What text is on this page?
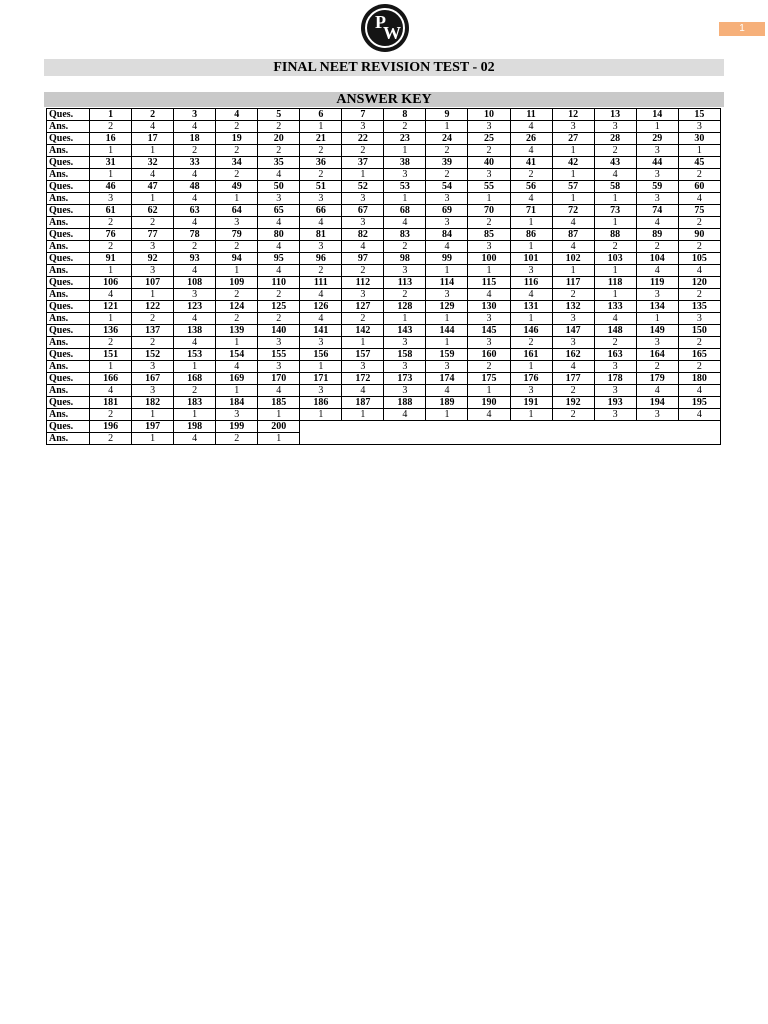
P
W	1
FINAL NEET REVISION TEST - 02
ANSWER KEY
Ques.	1	2	3	4	5	6	7	8	9	10	11	12	13	14	15
Ans.	2	4	4	2	2	1	3	2	1	3	4	3	3	1	3
Ques.	16	17	18	19	20	21	22	23	24	25	26	27	28	29	30
Ans.	1	1	2	2	2	2	2	1	2	2	4	1	2	3	1
Ques.	31	32	33	34	35	36	37	38	39	40	41	42	43	44	45
Ans.	1	4	4	2	4	2	1	3	2	3	2	1	4	3	2
Ques.	46	47	48	49	50	51	52	53	54	55	56	57	58	59	60
Ans.	3	1	4	1	3	3	3	1	3	1	4	1	1	3	4
Ques.	61	62	63	64	65	66	67	68	69	70	71	72	73	74	75
Ans.	2	2	4	3	4	4	3	4	3	2	1	4	1	4	2
Ques.	76	77	78	79	80	81	82	83	84	85	86	87	88	89	90
Ans.	2	3	2	2	4	3	4	2	4	3	1	4	2	2	2
Ques.	91	92	93	94	95	96	97	98	99	100	101	102	103	104	105
Ans.	1	3	4	1	4	2	2	3	1	1	3	1	1	4	4
Ques.	106	107	108	109	110	111	112	113	114	115	116	117	118	119	120
Ans.	4	1	3	2	2	4	3	2	3	4	4	2	1	3	2
Ques.	121	122	123	124	125	126	127	128	129	130	131	132	133	134	135
Ans.	1	2	4	2	2	4	2	1	1	3	1	3	4	1	3
Ques.	136	137	138	139	140	141	142	143	144	145	146	147	148	149	150
Ans.	2	2	4	1	3	3	1	3	1	3	2	3	2	3	2
Ques.	151	152	153	154	155	156	157	158	159	160	161	162	163	164	165
Ans.	1	3	1	4	3	1	3	3	3	2	1	4	3	2	2
Ques.	166	167	168	169	170	171	172	173	174	175	176	177	178	179	180
Ans.	4	3	2	1	4	3	4	3	4	1	3	2	3	4	4
Ques.	181	182	183	184	185	186	187	188	189	190	191	192	193	194	195
Ans.	2	1	1	3	1	1	1	4	1	4	1	2	3	3	4
Ques.	196	197	198	199	200										
Ans.	2	1	4	2	1										
